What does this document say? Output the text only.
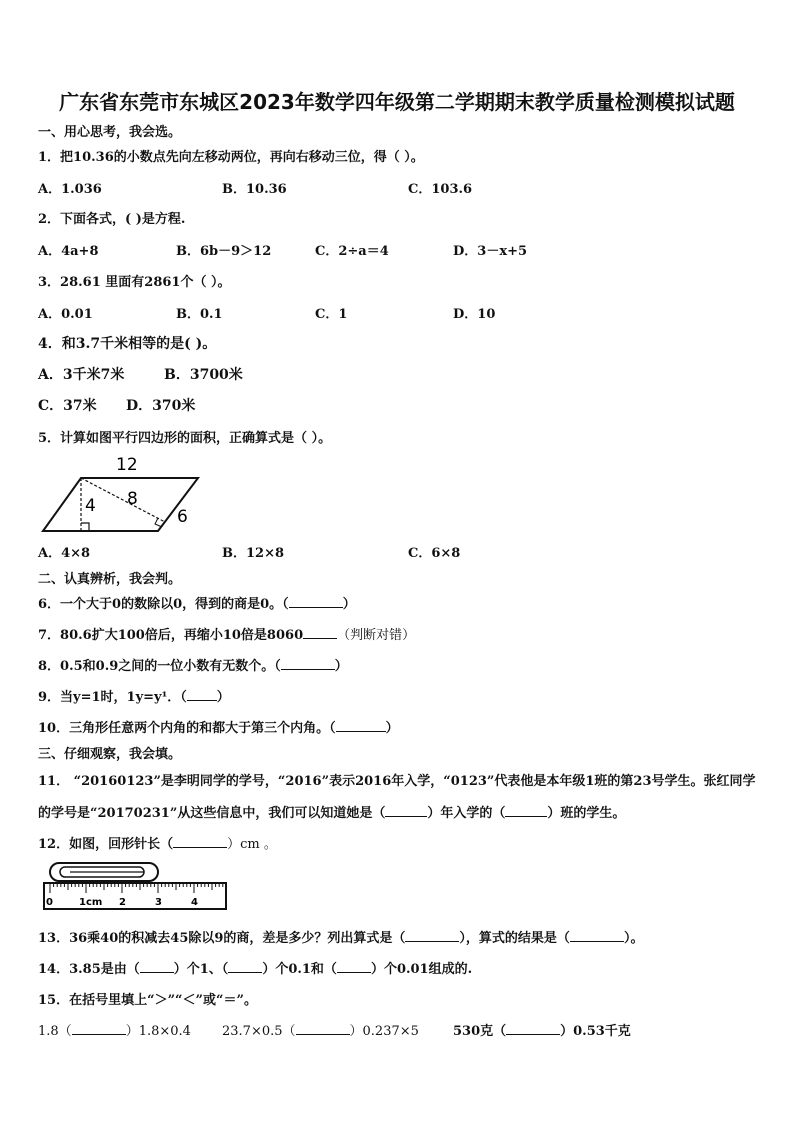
广东省东莞市东城区2023年数学四年级第二学期期末教学质量检测模拟试题
一、用心思考，我会选。
1．把10.36的小数点先向左移动两位，再向右移动三位，得（ ）。
A．1.036	B．10.36	C．103.6
2．下面各式，( )是方程.
A．4a+8	B．6b－9＞12	C．2÷a＝4	D．3－x+5
3．28.61 里面有2861个（ ）。
A．0.01	B．0.1	C．1	D．10
4．和3.7千米相等的是( )。
A．3千米7米	B．3700米
C．37米 D．370米
5．计算如图平行四边形的面积，正确算式是（ ）。
12
4 8
6
A．4×8	B．12×8	C．6×8
二、认真辨析，我会判。
6．一个大于0的数除以0，得到的商是0。（	）
7．80.6扩大100倍后，再缩小10倍是8060	（判断对错）
8．0.5和0.9之间的一位小数有无数个。（	）
9．当y=1时，1y=y¹．（ ）
10．三角形任意两个内角的和都大于第三个内角。（	）
三、仔细观察，我会填。
11． “20160123”是李明同学的学号，“2016”表示2016年入学，“0123”代表他是本年级1班的第23号学生。张红同学
的学号是“20170231”从这些信息中，我们可以知道她是（	）年入学的（	）班的学生。
12．如图，回形针长（	）cm 。
0	1cm 2	3	4
13．36乘40的积减去45除以9的商，差是多少？列出算式是（	），算式的结果是（	）。
14．3.85是由（	）个1、（	）个0.1和（	）个0.01组成的.
15．在括号里填上“＞”“＜”或“＝”。
1.8（	）1.8×0.4 23.7×0.5（	）0.237×5	530克（	）0.53千克
